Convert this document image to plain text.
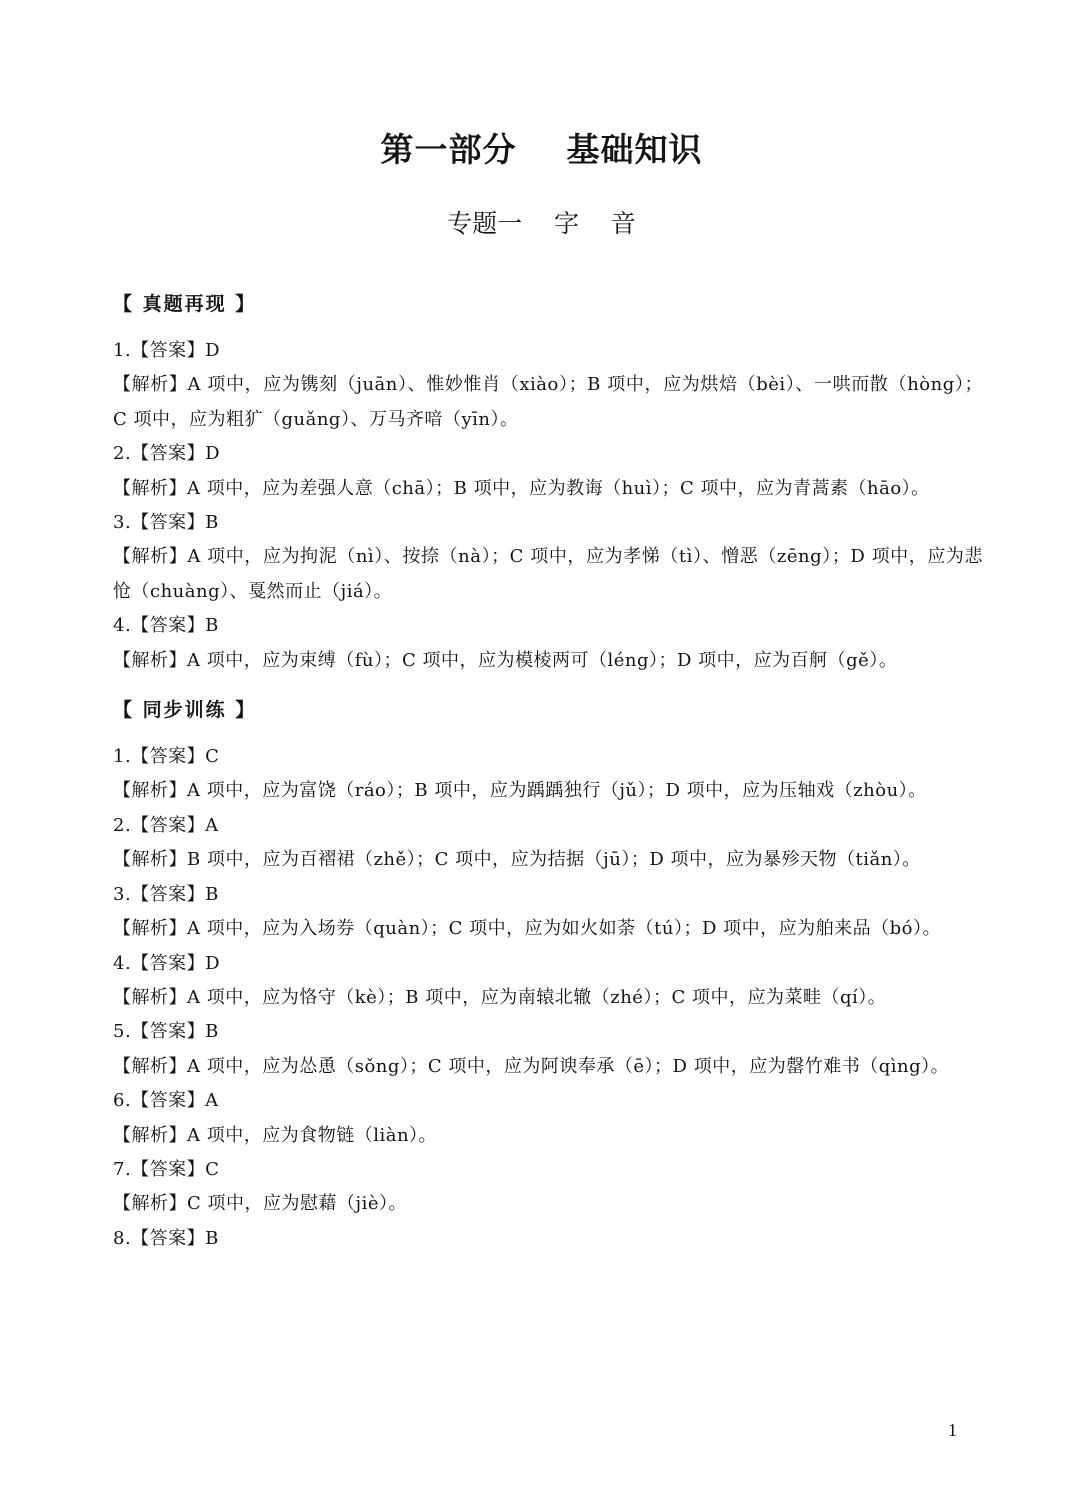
第一部分    基础知识
专题一    字    音
【 真题再现 】

1.【答案】D

【解析】A 项中，应为镌刻（juān）、惟妙惟肖（xiào）；B 项中，应为烘焙（bèi）、一哄而散（hòng）；C 项中，应为粗犷（guǎng）、万马齐喑（yīn）。

2.【答案】D

【解析】A 项中，应为差强人意（chā）；B 项中，应为教诲（huì）；C 项中，应为青蒿素（hāo）。

3.【答案】B

【解析】A 项中，应为拘泥（nì）、按捺（nà）；C 项中，应为孝悌（tì）、憎恶（zēng）；D 项中，应为悲怆（chuàng）、戛然而止（jiá）。

4.【答案】B

【解析】A 项中，应为束缚（fù）；C 项中，应为模棱两可（léng）；D 项中，应为百舸（gě）。

【 同步训练 】

1.【答案】C

【解析】A 项中，应为富饶（ráo）；B 项中，应为踽踽独行（jǔ）；D 项中，应为压轴戏（zhòu）。

2.【答案】A

【解析】B 项中，应为百褶裙（zhě）；C 项中，应为拮据（jū）；D 项中，应为暴殄天物（tiǎn）。

3.【答案】B

【解析】A 项中，应为入场券（quàn）；C 项中，应为如火如荼（tú）；D 项中，应为舶来品（bó）。

4.【答案】D

【解析】A 项中，应为恪守（kè）；B 项中，应为南辕北辙（zhé）；C 项中，应为菜畦（qí）。

5.【答案】B

【解析】A 项中，应为怂恿（sǒng）；C 项中，应为阿谀奉承（ē）；D 项中，应为罄竹难书（qìng）。

6.【答案】A

【解析】A 项中，应为食物链（liàn）。

7.【答案】C

【解析】C 项中，应为慰藉（jiè）。

8.【答案】B

1
